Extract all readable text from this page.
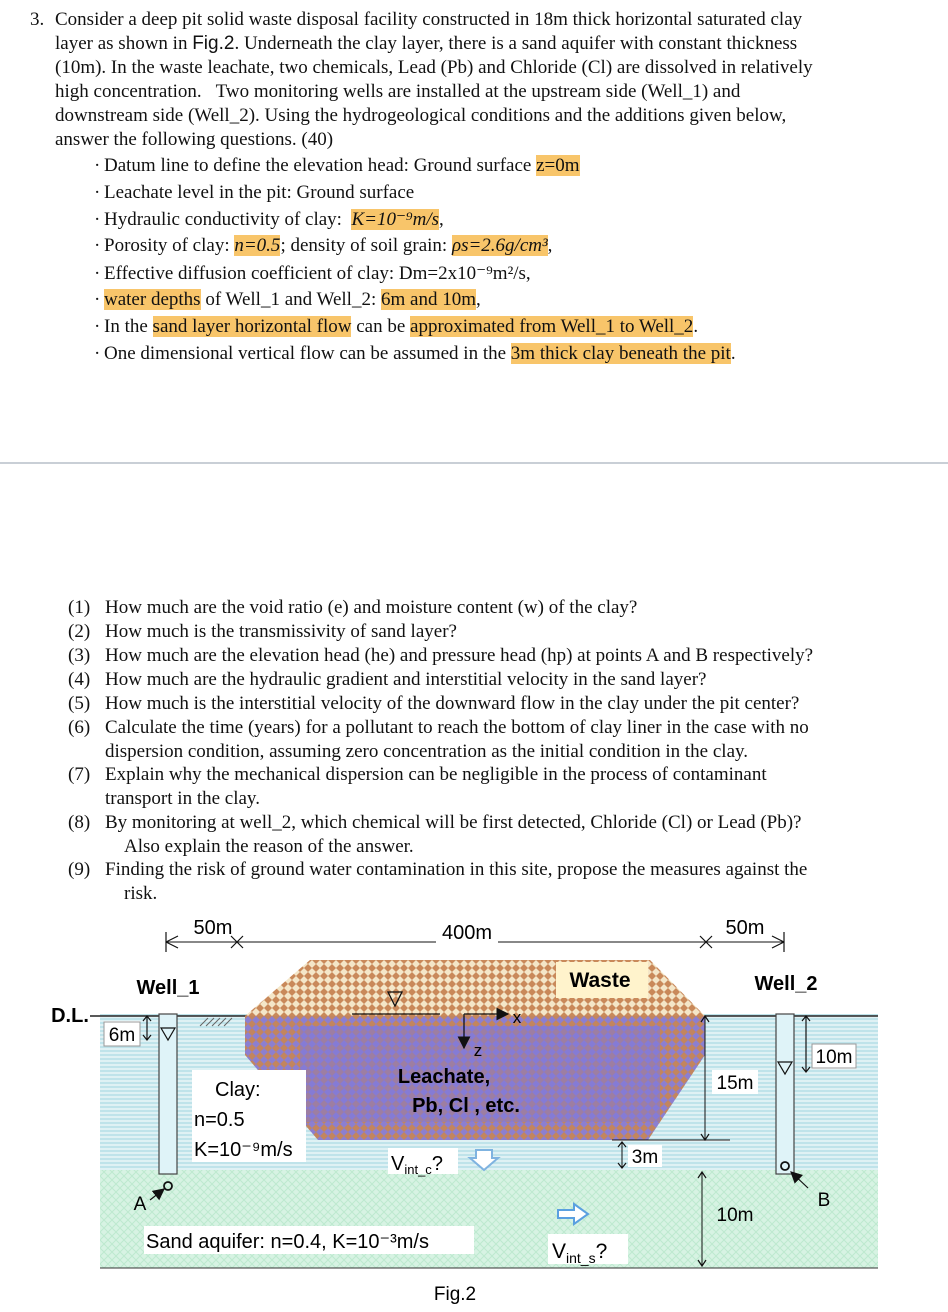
3. Consider a deep pit solid waste disposal facility constructed in 18m thick horizontal saturated clay
layer as shown in Fig.2. Underneath the clay layer, there is a sand aquifer with constant thickness
(10m). In the waste leachate, two chemicals, Lead (Pb) and Chloride (Cl) are dissolved in relatively
high concentration.   Two monitoring wells are installed at the upstream side (Well_1) and
downstream side (Well_2). Using the hydrogeological conditions and the additions given below,
answer the following questions. (40)
· Datum line to define the elevation head: Ground surface z=0m
· Leachate level in the pit: Ground surface
· Hydraulic conductivity of clay:  K=10⁻⁹m/s,
· Porosity of clay: n=0.5; density of soil grain: ρs=2.6g/cm³,
· Effective diffusion coefficient of clay: Dm=2x10⁻⁹m²/s,
· water depths of Well_1 and Well_2: 6m and 10m,
· In the sand layer horizontal flow can be approximated from Well_1 to Well_2.
· One dimensional vertical flow can be assumed in the 3m thick clay beneath the pit.
(1) How much are the void ratio (e) and moisture content (w) of the clay?
(2) How much is the transmissivity of sand layer?
(3) How much are the elevation head (he) and pressure head (hp) at points A and B respectively?
(4) How much are the hydraulic gradient and interstitial velocity in the sand layer?
(5) How much is the interstitial velocity of the downward flow in the clay under the pit center?
(6) Calculate the time (years) for a pollutant to reach the bottom of clay liner in the case with no
dispersion condition, assuming zero concentration as the initial condition in the clay.
(7) Explain why the mechanical dispersion can be negligible in the process of contaminant
transport in the clay.
(8) By monitoring at well_2, which chemical will be first detected, Chloride (Cl) or Lead (Pb)?
Also explain the reason of the answer.
(9) Finding the risk of ground water contamination in this site, propose the measures against the
risk.
Waste
Leachate,
Pb, Cl , etc.
x
z
50m	400m	50m
D.L.
Well_1	Well_2
6m
A
10m
B
Clay:
n=0.5
K=10⁻⁹m/s
15m
3m
10m
$V_{int\_c}$?
$V_{int\_s}$?
Sand aquifer: n=0.4, K=10⁻³m/s
Fig.2
